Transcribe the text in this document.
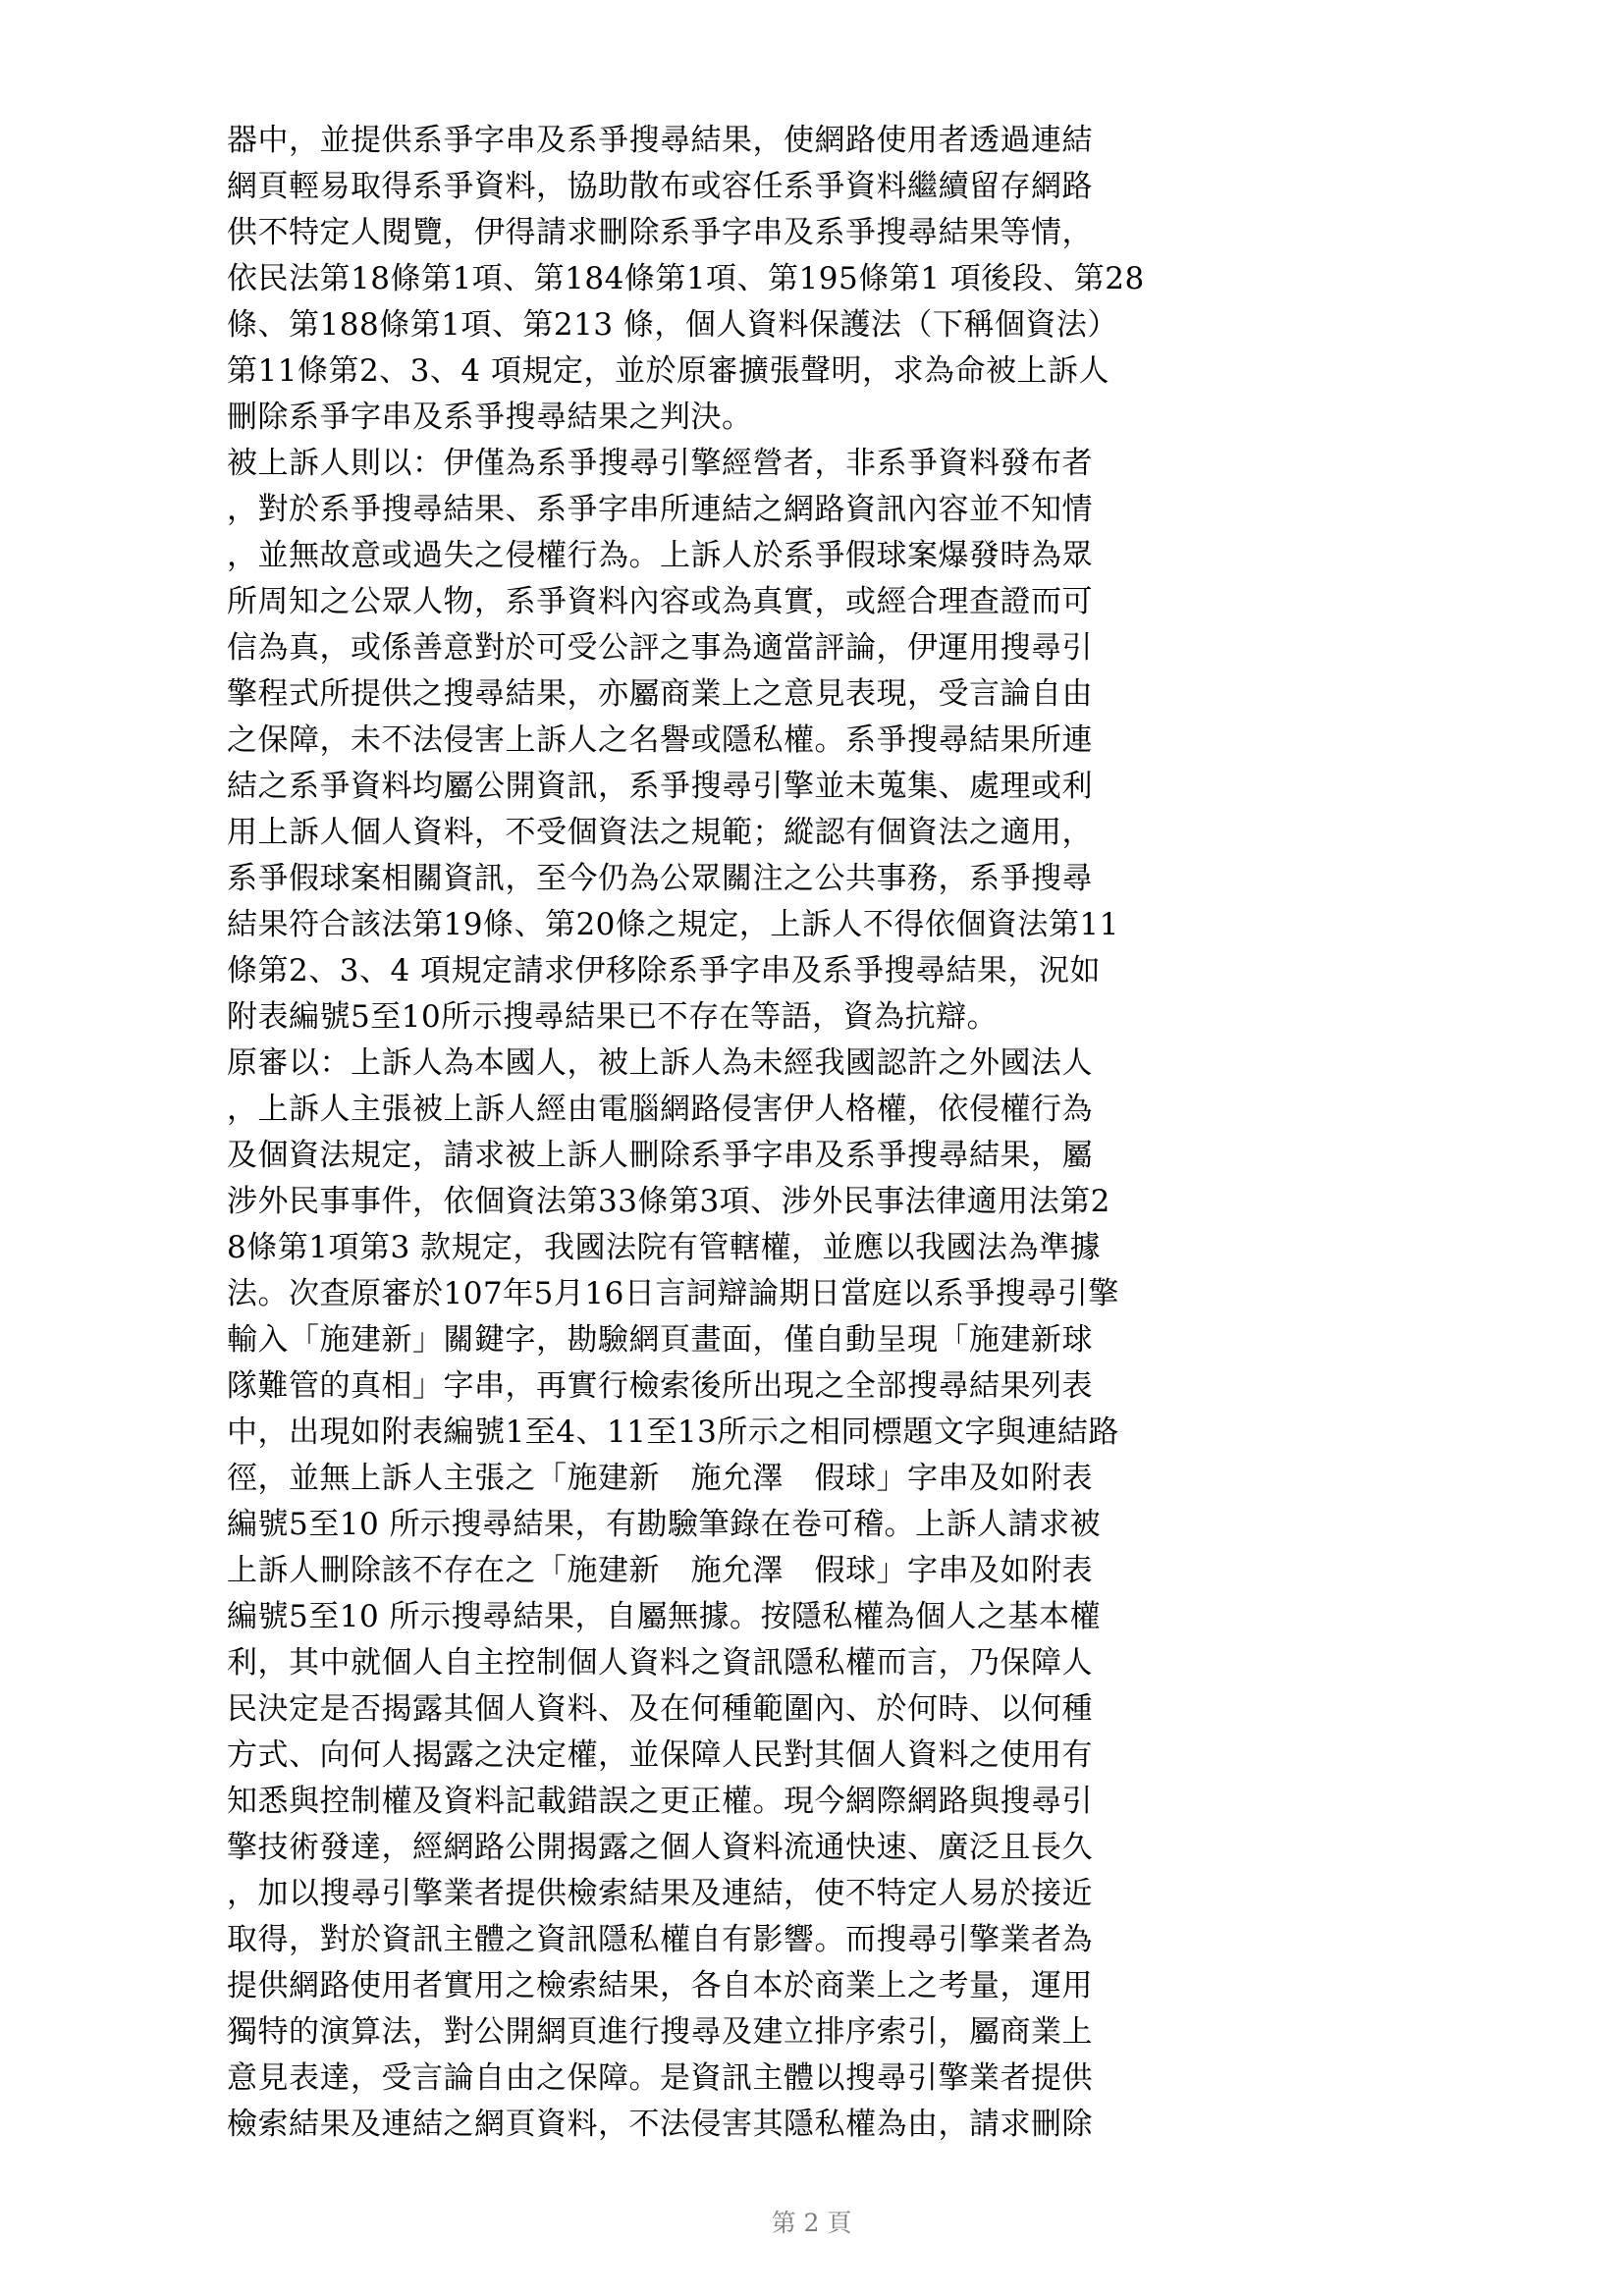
器中，並提供系爭字串及系爭搜尋結果，使網路使用者透過連結
網頁輕易取得系爭資料，協助散布或容任系爭資料繼續留存網路
供不特定人閱覽，伊得請求刪除系爭字串及系爭搜尋結果等情，
依民法第18條第1項、第184條第1項、第195條第1 項後段、第28
條、第188條第1項、第213 條，個人資料保護法（下稱個資法）
第11條第2、3、4 項規定，並於原審擴張聲明，求為命被上訴人
刪除系爭字串及系爭搜尋結果之判決。
被上訴人則以：伊僅為系爭搜尋引擎經營者，非系爭資料發布者
，對於系爭搜尋結果、系爭字串所連結之網路資訊內容並不知情
，並無故意或過失之侵權行為。上訴人於系爭假球案爆發時為眾
所周知之公眾人物，系爭資料內容或為真實，或經合理查證而可
信為真，或係善意對於可受公評之事為適當評論，伊運用搜尋引
擎程式所提供之搜尋結果，亦屬商業上之意見表現，受言論自由
之保障，未不法侵害上訴人之名譽或隱私權。系爭搜尋結果所連
結之系爭資料均屬公開資訊，系爭搜尋引擎並未蒐集、處理或利
用上訴人個人資料，不受個資法之規範；縱認有個資法之適用，
系爭假球案相關資訊，至今仍為公眾關注之公共事務，系爭搜尋
結果符合該法第19條、第20條之規定，上訴人不得依個資法第11
條第2、3、4 項規定請求伊移除系爭字串及系爭搜尋結果，況如
附表編號5至10所示搜尋結果已不存在等語，資為抗辯。
原審以：上訴人為本國人，被上訴人為未經我國認許之外國法人
，上訴人主張被上訴人經由電腦網路侵害伊人格權，依侵權行為
及個資法規定，請求被上訴人刪除系爭字串及系爭搜尋結果，屬
涉外民事事件，依個資法第33條第3項、涉外民事法律適用法第2
8條第1項第3 款規定，我國法院有管轄權，並應以我國法為準據
法。次查原審於107年5月16日言詞辯論期日當庭以系爭搜尋引擎
輸入「施建新」關鍵字，勘驗網頁畫面，僅自動呈現「施建新球
隊難管的真相」字串，再實行檢索後所出現之全部搜尋結果列表
中，出現如附表編號1至4、11至13所示之相同標題文字與連結路
徑，並無上訴人主張之「施建新　施允澤　假球」字串及如附表
編號5至10 所示搜尋結果，有勘驗筆錄在卷可稽。上訴人請求被
上訴人刪除該不存在之「施建新　施允澤　假球」字串及如附表
編號5至10 所示搜尋結果，自屬無據。按隱私權為個人之基本權
利，其中就個人自主控制個人資料之資訊隱私權而言，乃保障人
民決定是否揭露其個人資料、及在何種範圍內、於何時、以何種
方式、向何人揭露之決定權，並保障人民對其個人資料之使用有
知悉與控制權及資料記載錯誤之更正權。現今網際網路與搜尋引
擎技術發達，經網路公開揭露之個人資料流通快速、廣泛且長久
，加以搜尋引擎業者提供檢索結果及連結，使不特定人易於接近
取得，對於資訊主體之資訊隱私權自有影響。而搜尋引擎業者為
提供網路使用者實用之檢索結果，各自本於商業上之考量，運用
獨特的演算法，對公開網頁進行搜尋及建立排序索引，屬商業上
意見表達，受言論自由之保障。是資訊主體以搜尋引擎業者提供
檢索結果及連結之網頁資料，不法侵害其隱私權為由，請求刪除
第 2 頁
